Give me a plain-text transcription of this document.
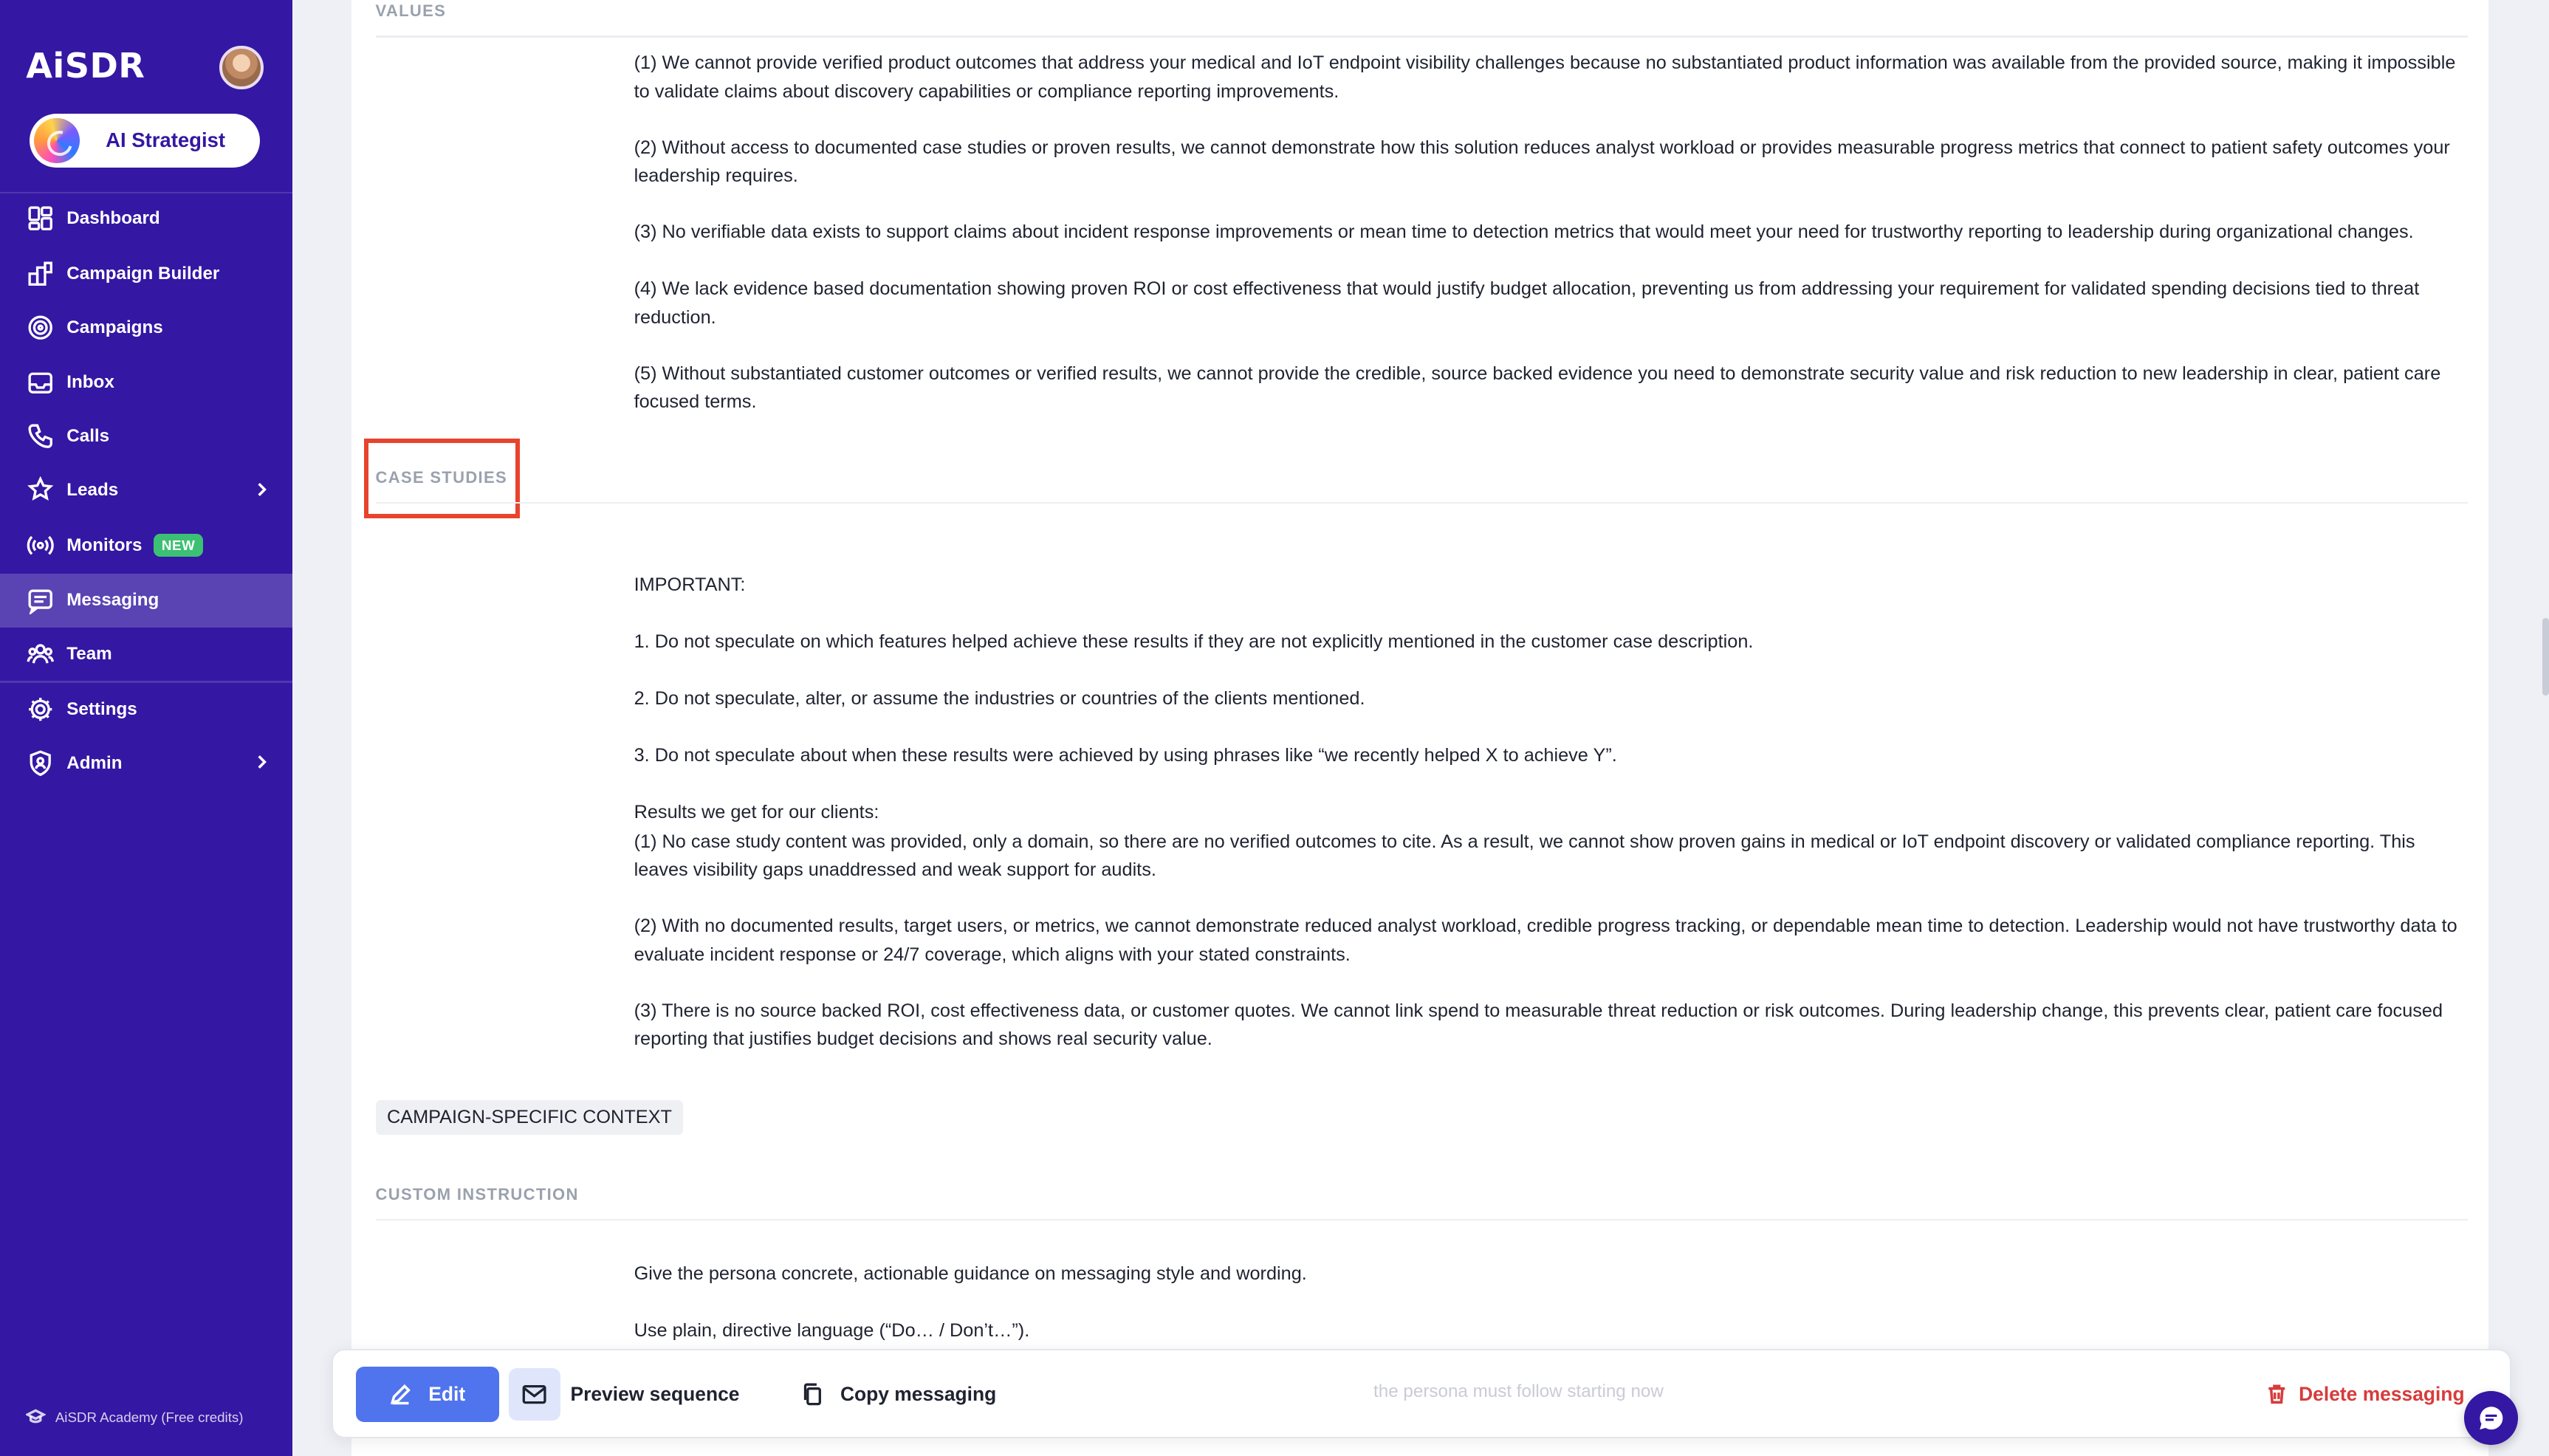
AiSDR
AI Strategist
Dashboard
Campaign Builder
Campaigns
Inbox
Calls
Leads
Monitors	NEW
Messaging
Team
Settings
Admin
AiSDR Academy (Free credits)
VALUES
(1) We cannot provide verified product outcomes that address your medical and IoT endpoint visibility challenges because no substantiated product information was available from the provided source, making it impossible to validate claims about discovery capabilities or compliance reporting improvements.
(2) Without access to documented case studies or proven results, we cannot demonstrate how this solution reduces analyst workload or provides measurable progress metrics that connect to patient safety outcomes your leadership requires.
(3) No verifiable data exists to support claims about incident response improvements or mean time to detection metrics that would meet your need for trustworthy reporting to leadership during organizational changes.
(4) We lack evidence based documentation showing proven ROI or cost effectiveness that would justify budget allocation, preventing us from addressing your requirement for validated spending decisions tied to threat reduction.
(5) Without substantiated customer outcomes or verified results, we cannot provide the credible, source backed evidence you need to demonstrate security value and risk reduction to new leadership in clear, patient care focused terms.
CASE STUDIES
IMPORTANT:
1. Do not speculate on which features helped achieve these results if they are not explicitly mentioned in the customer case description.
2. Do not speculate, alter, or assume the industries or countries of the clients mentioned.
3. Do not speculate about when these results were achieved by using phrases like “we recently helped X to achieve Y”.
Results we get for our clients:
(1) No case study content was provided, only a domain, so there are no verified outcomes to cite. As a result, we cannot show proven gains in medical or IoT endpoint discovery or validated compliance reporting. This leaves visibility gaps unaddressed and weak support for audits.
(2) With no documented results, target users, or metrics, we cannot demonstrate reduced analyst workload, credible progress tracking, or dependable mean time to detection. Leadership would not have trustworthy data to evaluate incident response or 24/7 coverage, which aligns with your stated constraints.
(3) There is no source backed ROI, cost effectiveness data, or customer quotes. We cannot link spend to measurable threat reduction or risk outcomes. During leadership change, this prevents clear, patient care focused reporting that justifies budget decisions and shows real security value.
CAMPAIGN-SPECIFIC CONTEXT
CUSTOM INSTRUCTION
Give the persona concrete, actionable guidance on messaging style and wording.
Use plain, directive language (“Do… / Don’t…”).
Edit	Preview sequence	Copy messaging	the persona must follow starting now	Delete messaging
